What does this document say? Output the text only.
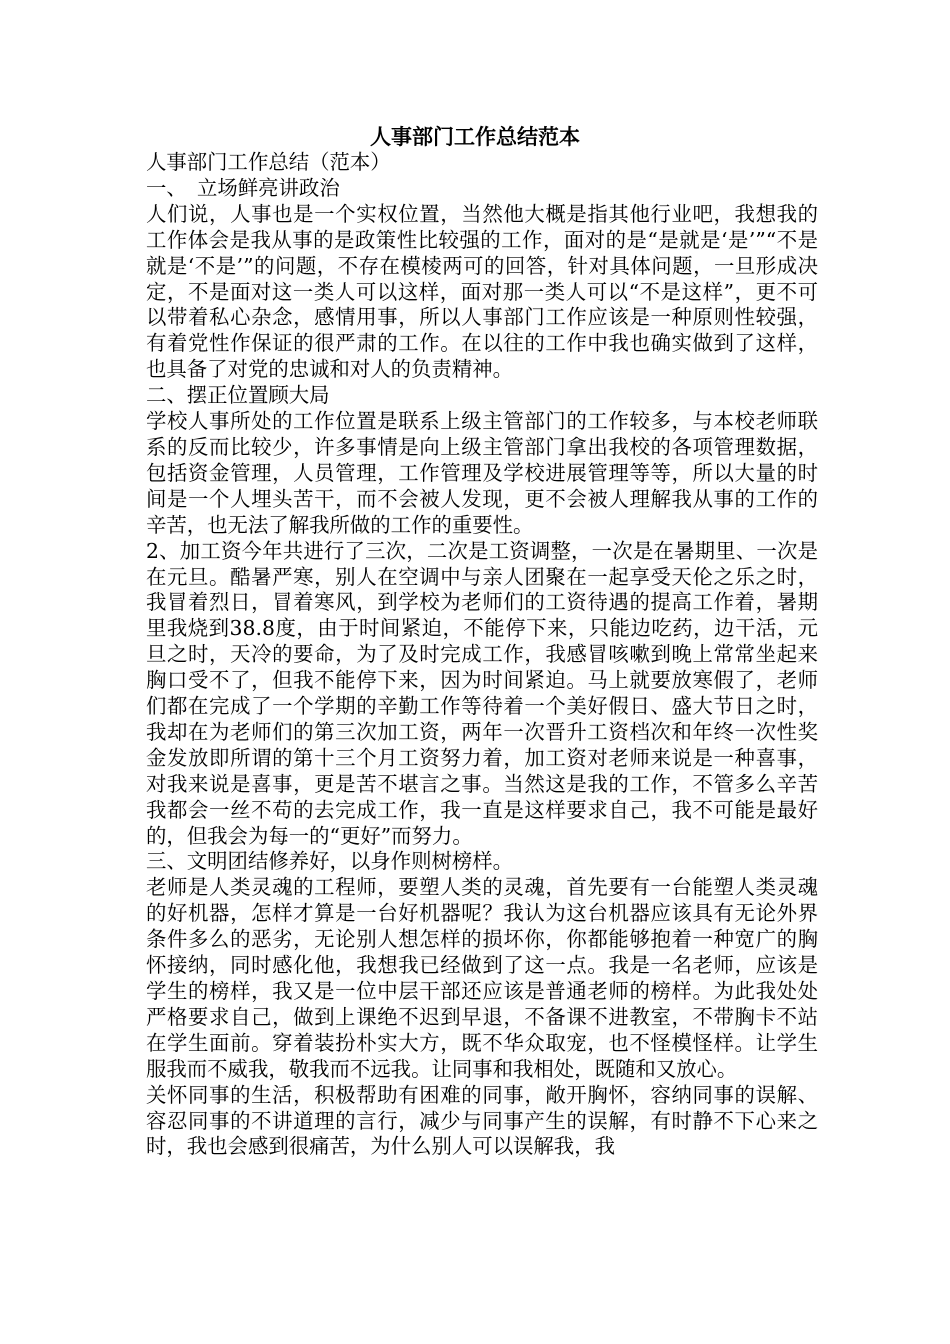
人事部门工作总结范本

人事部门工作总结（范本）

一、　立场鲜亮讲政治

人们说，人事也是一个实权位置，当然他大概是指其他行业吧，我想我的工作体会是我从事的是政策性比较强的工作，面对的是“是就是‘是’”“不是就是‘不是’”的问题，不存在模棱两可的回答，针对具体问题，一旦形成决定，不是面对这一类人可以这样，面对那一类人可以“不是这样”，更不可以带着私心杂念，感情用事，所以人事部门工作应该是一种原则性较强，有着党性作保证的很严肃的工作。在以往的工作中我也确实做到了这样，也具备了对党的忠诚和对人的负责精神。

二、摆正位置顾大局

学校人事所处的工作位置是联系上级主管部门的工作较多，与本校老师联系的反而比较少，许多事情是向上级主管部门拿出我校的各项管理数据，包括资金管理，人员管理，工作管理及学校进展管理等等，所以大量的时间是一个人埋头苦干，而不会被人发现，更不会被人理解我从事的工作的辛苦，也无法了解我所做的工作的重要性。

2、加工资今年共进行了三次，二次是工资调整，一次是在暑期里、一次是在元旦。酷暑严寒，别人在空调中与亲人团聚在一起享受天伦之乐之时，我冒着烈日，冒着寒风，到学校为老师们的工资待遇的提高工作着，暑期里我烧到38.8度，由于时间紧迫，不能停下来，只能边吃药，边干活，元旦之时，天冷的要命，为了及时完成工作，我感冒咳嗽到晚上常常坐起来胸口受不了，但我不能停下来，因为时间紧迫。马上就要放寒假了，老师们都在完成了一个学期的辛勤工作等待着一个美好假日、盛大节日之时，我却在为老师们的第三次加工资，两年一次晋升工资档次和年终一次性奖金发放即所谓的第十三个月工资努力着，加工资对老师来说是一种喜事，对我来说是喜事，更是苦不堪言之事。当然这是我的工作，不管多么辛苦我都会一丝不苟的去完成工作，我一直是这样要求自己，我不可能是最好的，但我会为每一的“更好”而努力。

三、文明团结修养好，以身作则树榜样。

老师是人类灵魂的工程师，要塑人类的灵魂，首先要有一台能塑人类灵魂的好机器，怎样才算是一台好机器呢？我认为这台机器应该具有无论外界条件多么的恶劣，无论别人想怎样的损坏你，你都能够抱着一种宽广的胸怀接纳，同时感化他，我想我已经做到了这一点。我是一名老师，应该是学生的榜样，我又是一位中层干部还应该是普通老师的榜样。为此我处处严格要求自己，做到上课绝不迟到早退，不备课不进教室，不带胸卡不站在学生面前。穿着装扮朴实大方，既不华众取宠，也不怪模怪样。让学生服我而不威我，敬我而不远我。让同事和我相处，既随和又放心。

关怀同事的生活，积极帮助有困难的同事，敞开胸怀，容纳同事的误解、容忍同事的不讲道理的言行，减少与同事产生的误解，有时静不下心来之时，我也会感到很痛苦，为什么别人可以误解我，我
